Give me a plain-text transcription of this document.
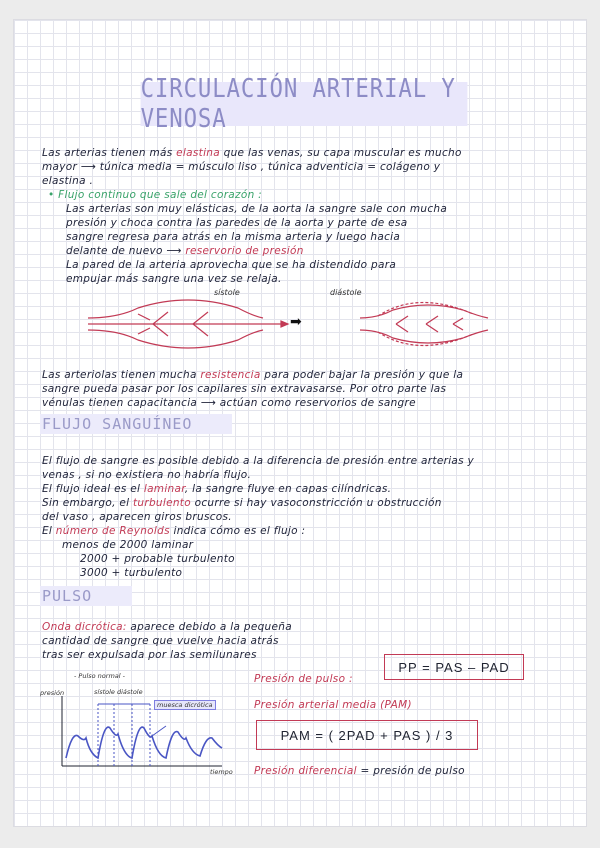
CIRCULACIÓN ARTERIAL Y VENOSA
Las arterias tienen más elastina que las venas, su capa muscular es mucho
mayor ⟶ túnica media = músculo liso , túnica adventicia = colágeno y
elastina .
• Flujo continuo que sale del corazón :
Las arterias son muy elásticas, de la aorta la sangre sale con mucha
presión y choca contra las paredes de la aorta y parte de esa
sangre regresa para atrás en la misma arteria y luego hacia
delante de nuevo ⟶ reservorio de presión
La pared de la arteria aprovecha que se ha distendido para
empujar más sangre una vez se relaja.
sístole	diástole
➡
Las arteriolas tienen mucha resistencia para poder bajar la presión y que la
sangre pueda pasar por los capilares sin extravasarse. Por otro parte las
vénulas tienen capacitancia ⟶ actúan como reservorios de sangre
FLUJO SANGUÍNEO
El flujo de sangre es posible debido a la diferencia de presión entre arterias y
venas , si no existiera no habría flujo.
El flujo ideal es el laminar, la sangre fluye en capas cilíndricas.
Sin embargo, el turbulento ocurre si hay vasoconstricción u obstrucción
del vaso , aparecen giros bruscos.
El número de Reynolds indica cómo es el flujo :
menos de 2000 laminar
2000 + probable turbulento
3000 + turbulento
PULSO
Onda dicrótica: aparece debido a la pequeña
cantidad de sangre que vuelve hacia atrás
tras ser expulsada por las semilunares
PP = PAS – PAD
Presión de pulso :
Presión arterial media (PAM)
PAM = ( 2PAD + PAS ) / 3
Presión diferencial = presión de pulso
- Pulso normal -
presión	sístole diástole
muesca dicrótica
tiempo
